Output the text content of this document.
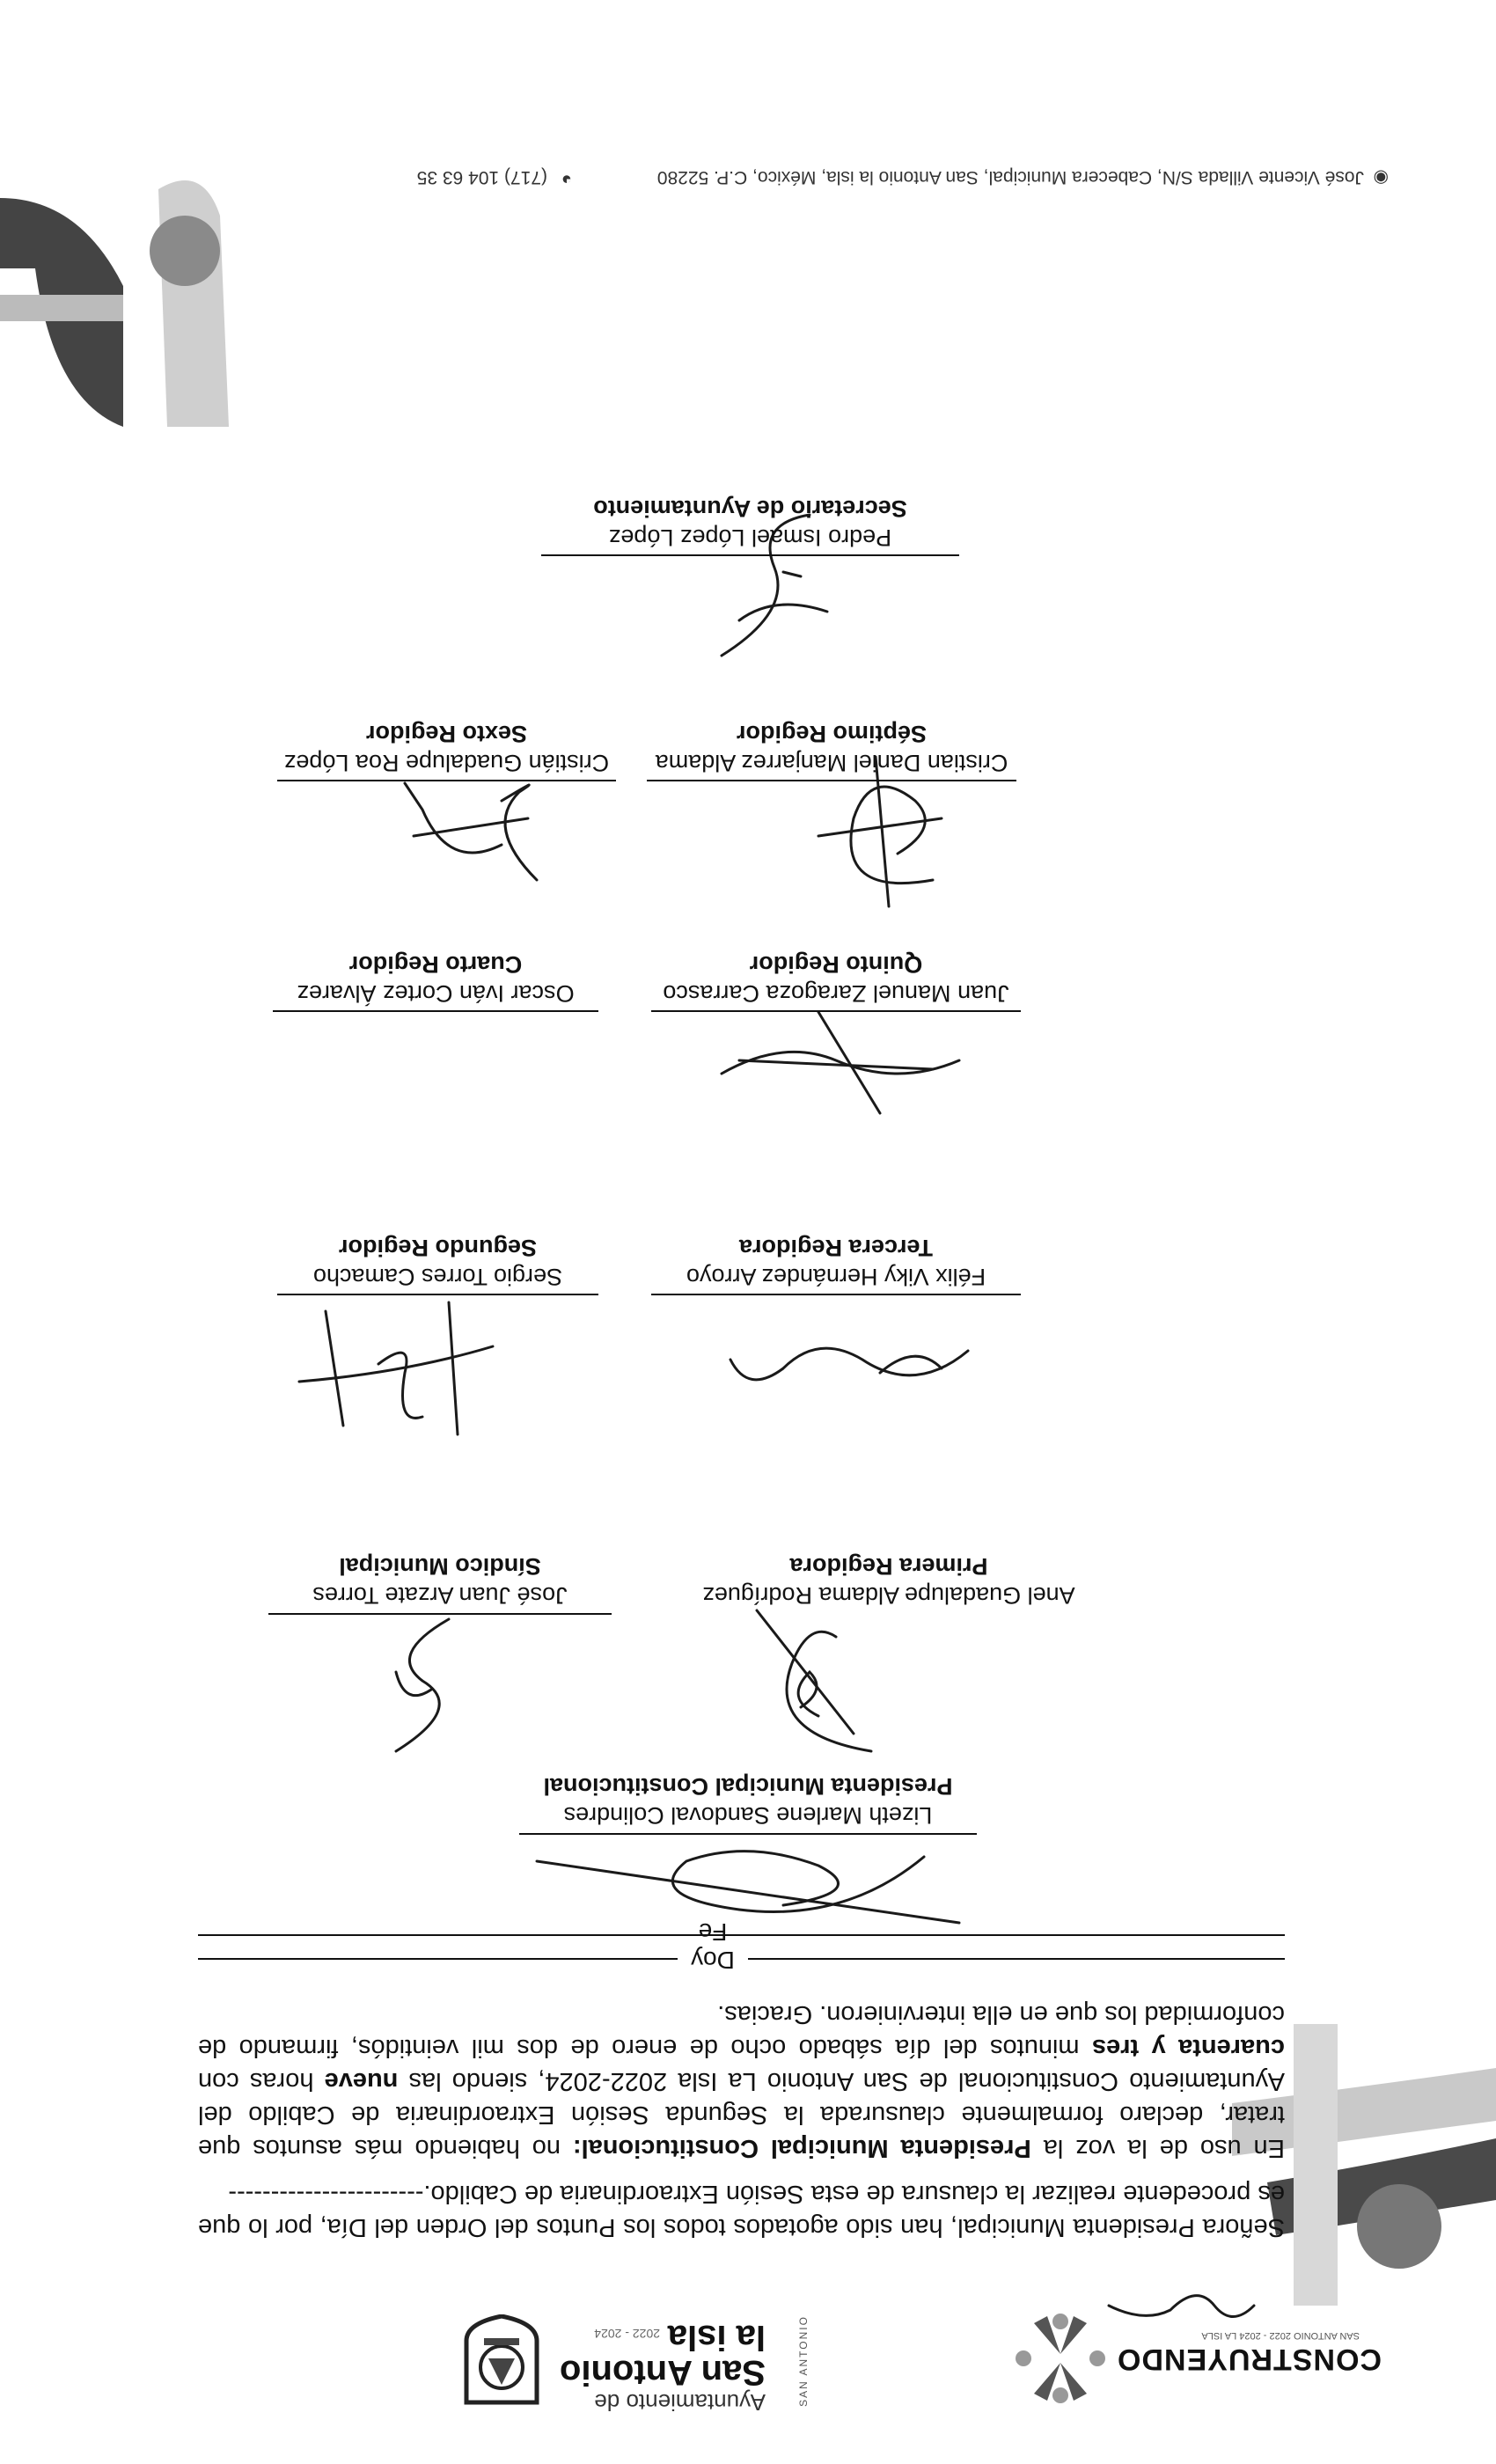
Ayuntamiento de
San Antonio
la isla
2022 - 2024	SAN ANTONIO	CONSTRUYENDO
SAN ANTONIO 2022 - 2024 LA ISLA
Señora Presidenta Municipal, han sido agotados todos los Puntos del Orden del Día, por lo que es procedente realizar la clausura de esta Sesión Extraordinaria de Cabildo.-----------------------
En uso de la voz la Presidenta Municipal Constitucional: no habiendo más asuntos que tratar, declaro formalmente clausurada la Segunda Sesión Extraordinaria de Cabildo del Ayuntamiento Constitucional de San Antonio La Isla 2022-2024, siendo las nueve horas con cuarenta y tres minutos del día sábado ocho de enero de dos mil veintidós, firmando de conformidad los que en ella intervinieron. Gracias.
Doy Fe
Lizeth Marlene Sandoval Colindres
Presidenta Municipal Constitucional
José Juan Arzate Torres
Síndico Municipal
Anel Guadalupe Aldama Rodríguez
Primera Regidora
Sergio Torres Camacho
Segundo Regidor
Félix Viky Hernández Arroyo
Tercera Regidora
Oscar Iván Cortez Álvarez
Cuarto Regidor
Juan Manuel Zaragoza Carrasco
Quinto Regidor
Cristián Guadalupe Roa López
Sexto Regidor
Cristian Daniel Manjarrez Aldama
Séptimo Regidor
Pedro Ismael López López
Secretario de Ayuntamiento
◉
José Vicente Villada S/N, Cabecera Municipal, San Antonio la isla, México, C.P. 52280
◕
(717) 104 63 35
